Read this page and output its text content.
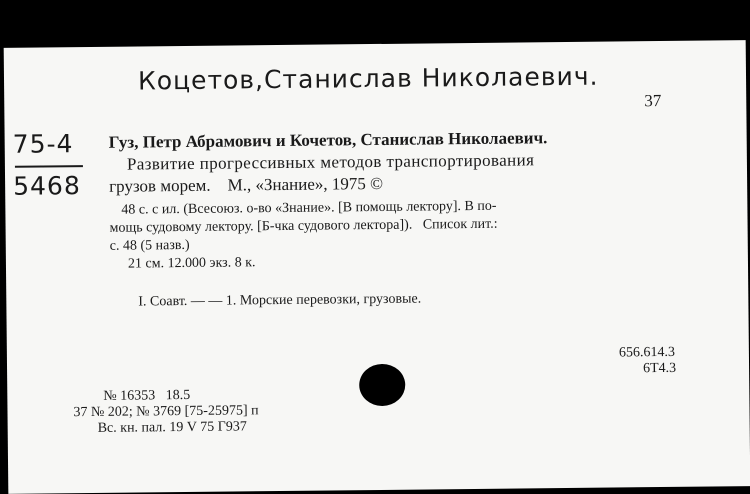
Коцетов,Станислав Николаевич.
37
75-4
5468
Гуз, Петр Абрамович и Кочетов, Станислав Николаевич.
Развитие прогрессивных методов транспортирования
грузов морем.    М., «Знание», 1975 ©
48 с. с ил. (Всесоюз. о-во «Знание». [В помощь лектору]. В по-
мощь судовому лектору. [Б-чка судового лектора]).   Список лит.:
с. 48 (5 назв.)
21 см. 12.000 экз. 8 к.
I. Соавт. — — 1. Морские перевозки, грузовые.
656.614.3
6Т4.3
№ 16353   18.5
37 № 202; № 3769 [75-25975] п
Вс. кн. пал. 19 V 75 Г937
